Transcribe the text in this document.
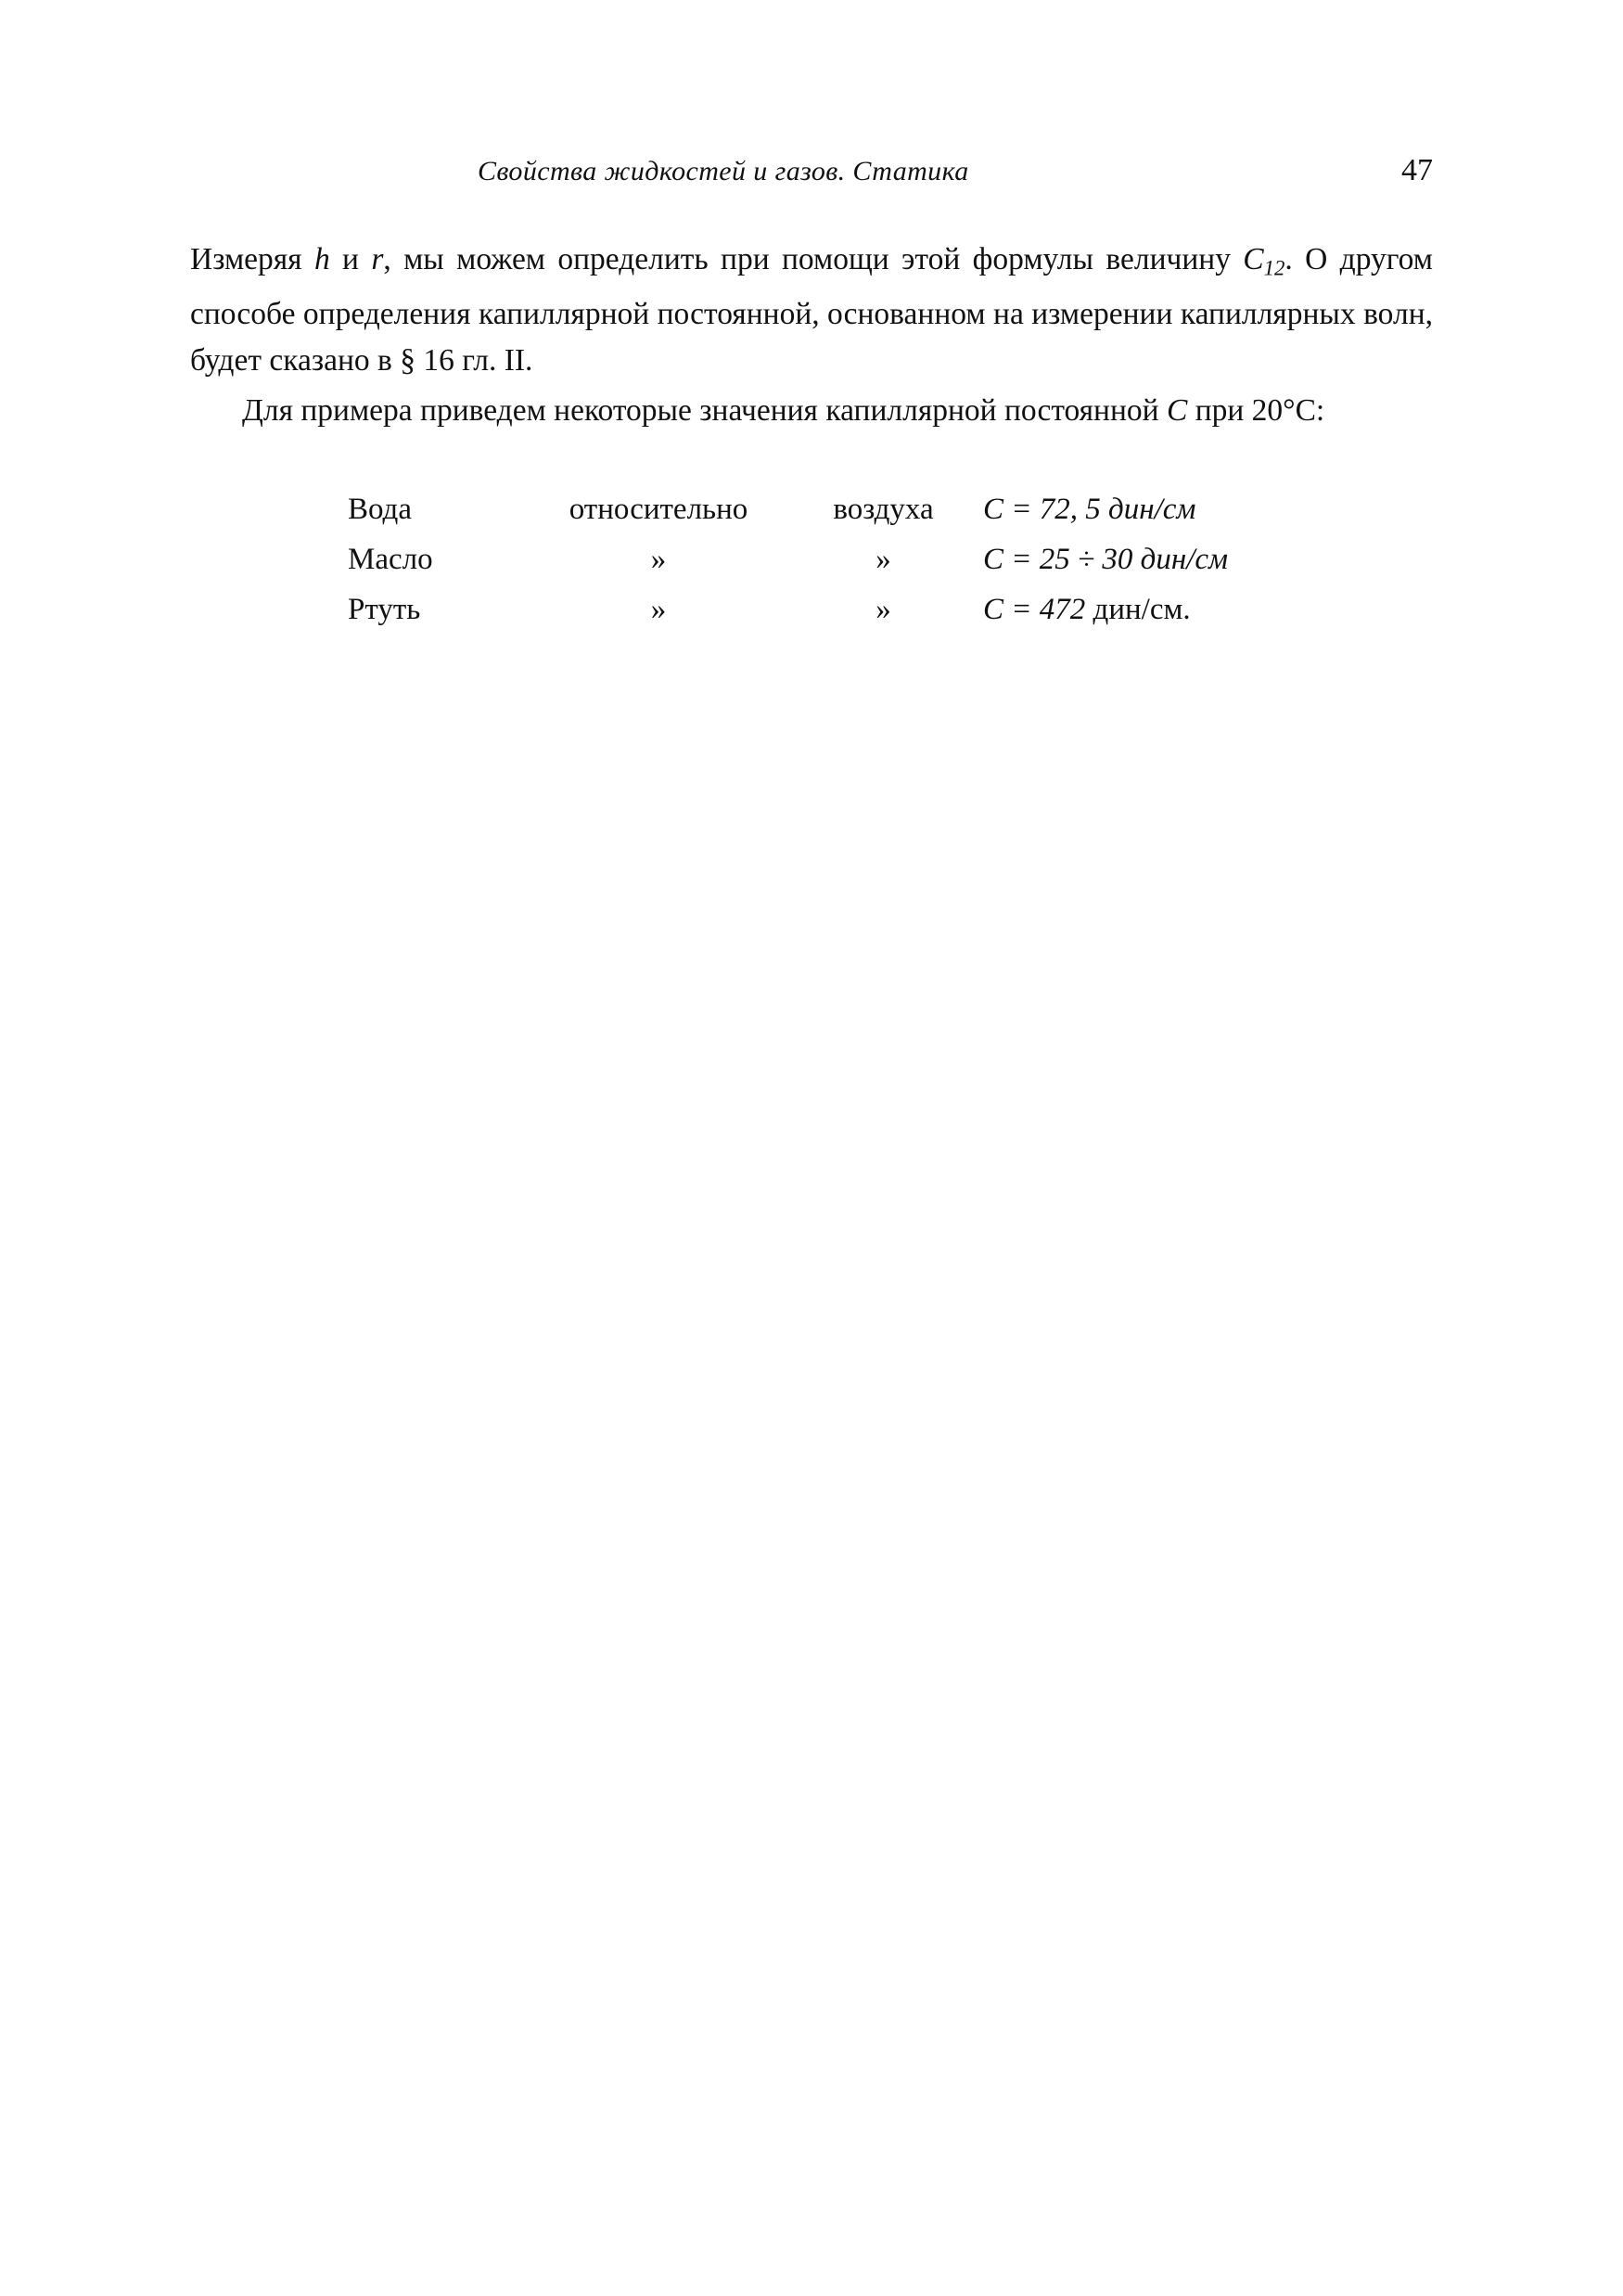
Свойства жидкостей и газов. Статика	47

Измеряя h и r, мы можем определить при помощи этой формулы величину $C_{12}$. О другом способе определения капиллярной постоянной, основанном на измерении капиллярных волн, будет сказано в § 16 гл. II.

Для примера приведем некоторые значения капиллярной постоянной C при 20°C:

Вода	относительно	воздуха	C = 72, 5 дин/см
Масло	»	»	C = 25 ÷ 30 дин/см
Ртуть	»	»	C = 472 дин/см.
